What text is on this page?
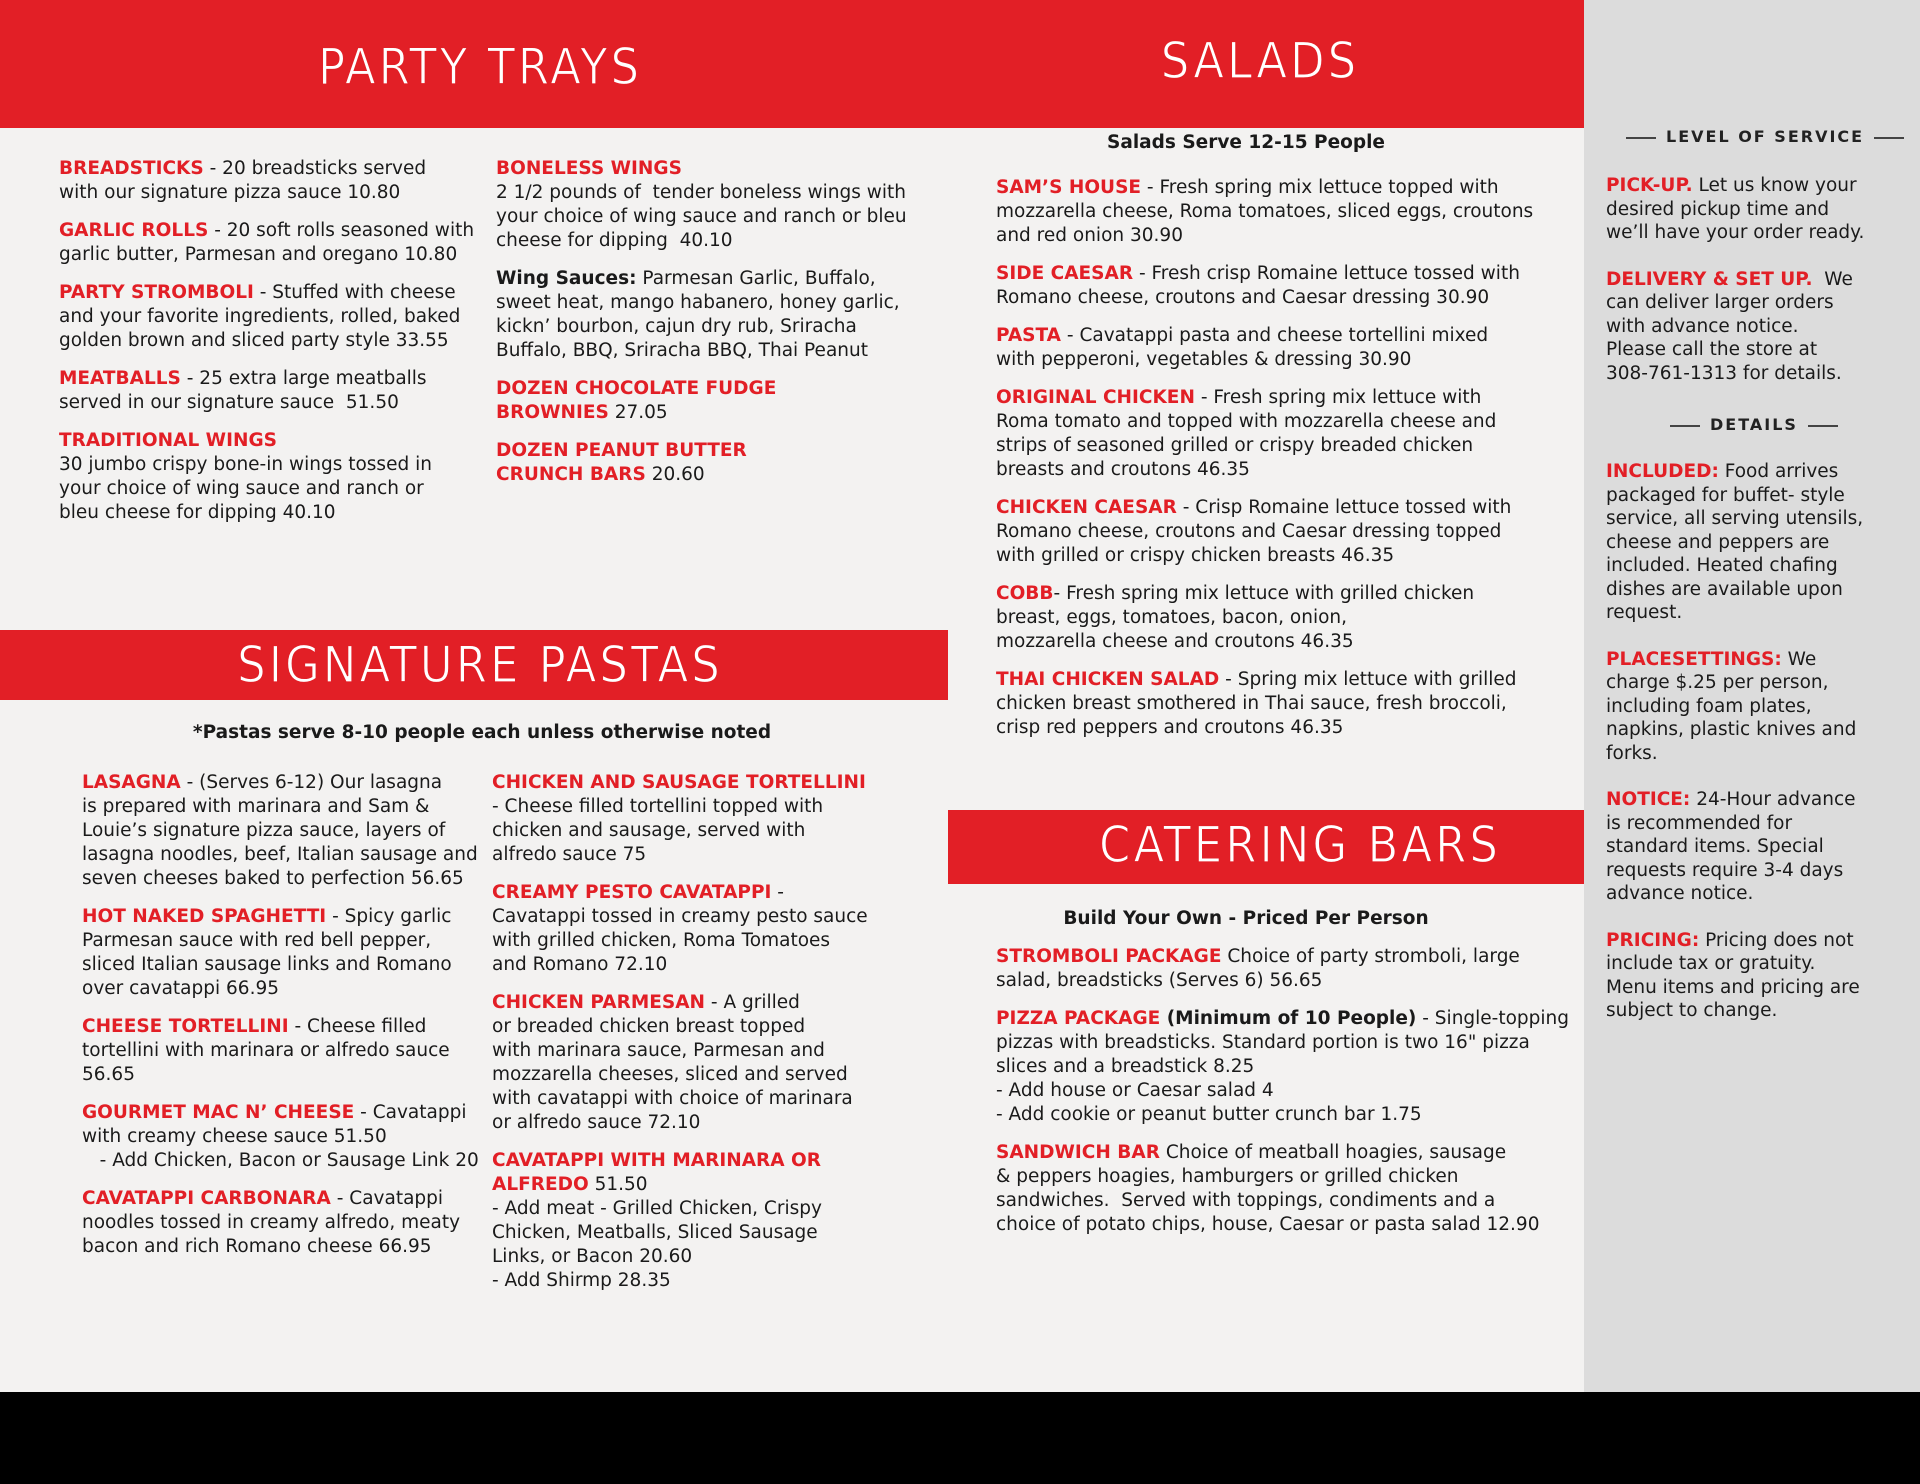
PARTY TRAYS	SALADS
LEVEL OF SERVICE
PICK-UP. Let us know your
desired pickup time and
we’ll have your order ready.
DELIVERY & SET UP.  We
can deliver larger orders
with advance notice.
Please call the store at
308-761-1313 for details.
DETAILS
INCLUDED: Food arrives
packaged for buffet- style
service, all serving utensils,
cheese and peppers are
included. Heated chafing
dishes are available upon
request.
PLACESETTINGS: We
charge $.25 per person,
including foam plates,
napkins, plastic knives and
forks.
NOTICE: 24-Hour advance
is recommended for
standard items. Special
requests require 3-4 days
advance notice.
PRICING: Pricing does not
include tax or gratuity.
Menu items and pricing are
subject to change.
BREADSTICKS - 20 breadsticks served
with our signature pizza sauce 10.80
GARLIC ROLLS - 20 soft rolls seasoned with
garlic butter, Parmesan and oregano 10.80
PARTY STROMBOLI - Stuffed with cheese
and your favorite ingredients, rolled, baked
golden brown and sliced party style 33.55
MEATBALLS - 25 extra large meatballs
served in our signature sauce  51.50
TRADITIONAL WINGS
30 jumbo crispy bone-in wings tossed in
your choice of wing sauce and ranch or
bleu cheese for dipping 40.10
BONELESS WINGS
2 1/2 pounds of  tender boneless wings with
your choice of wing sauce and ranch or bleu
cheese for dipping  40.10
Wing Sauces: Parmesan Garlic, Buffalo,
sweet heat, mango habanero, honey garlic,
kickn’ bourbon, cajun dry rub, Sriracha
Buffalo, BBQ, Sriracha BBQ, Thai Peanut
DOZEN CHOCOLATE FUDGE
BROWNIES 27.05
DOZEN PEANUT BUTTER
CRUNCH BARS 20.60
SIGNATURE PASTAS
*Pastas serve 8-10 people each unless otherwise noted
LASAGNA - (Serves 6-12) Our lasagna
is prepared with marinara and Sam &
Louie’s signature pizza sauce, layers of
lasagna noodles, beef, Italian sausage and
seven cheeses baked to perfection 56.65
HOT NAKED SPAGHETTI - Spicy garlic
Parmesan sauce with red bell pepper,
sliced Italian sausage links and Romano
over cavatappi 66.95
CHEESE TORTELLINI - Cheese filled
tortellini with marinara or alfredo sauce
56.65
GOURMET MAC N’ CHEESE - Cavatappi
with creamy cheese sauce 51.50
- Add Chicken, Bacon or Sausage Link 20
CAVATAPPI CARBONARA - Cavatappi
noodles tossed in creamy alfredo, meaty
bacon and rich Romano cheese 66.95
CHICKEN AND SAUSAGE TORTELLINI
- Cheese filled tortellini topped with
chicken and sausage, served with
alfredo sauce 75
CREAMY PESTO CAVATAPPI -
Cavatappi tossed in creamy pesto sauce
with grilled chicken, Roma Tomatoes
and Romano 72.10
CHICKEN PARMESAN - A grilled
or breaded chicken breast topped
with marinara sauce, Parmesan and
mozzarella cheeses, sliced and served
with cavatappi with choice of marinara
or alfredo sauce 72.10
CAVATAPPI WITH MARINARA OR
ALFREDO 51.50
- Add meat - Grilled Chicken, Crispy
Chicken, Meatballs, Sliced Sausage
Links, or Bacon 20.60
- Add Shirmp 28.35
Salads Serve 12-15 People
SAM’S HOUSE - Fresh spring mix lettuce topped with
mozzarella cheese, Roma tomatoes, sliced eggs, croutons
and red onion 30.90
SIDE CAESAR - Fresh crisp Romaine lettuce tossed with
Romano cheese, croutons and Caesar dressing 30.90
PASTA - Cavatappi pasta and cheese tortellini mixed
with pepperoni, vegetables & dressing 30.90
ORIGINAL CHICKEN - Fresh spring mix lettuce with
Roma tomato and topped with mozzarella cheese and
strips of seasoned grilled or crispy breaded chicken
breasts and croutons 46.35
CHICKEN CAESAR - Crisp Romaine lettuce tossed with
Romano cheese, croutons and Caesar dressing topped
with grilled or crispy chicken breasts 46.35
COBB- Fresh spring mix lettuce with grilled chicken
breast, eggs, tomatoes, bacon, onion,
mozzarella cheese and croutons 46.35
THAI CHICKEN SALAD - Spring mix lettuce with grilled
chicken breast smothered in Thai sauce, fresh broccoli,
crisp red peppers and croutons 46.35
CATERING BARS
Build Your Own - Priced Per Person
STROMBOLI PACKAGE Choice of party stromboli, large
salad, breadsticks (Serves 6) 56.65
PIZZA PACKAGE (Minimum of 10 People) - Single-topping
pizzas with breadsticks. Standard portion is two 16" pizza
slices and a breadstick 8.25
- Add house or Caesar salad 4
- Add cookie or peanut butter crunch bar 1.75
SANDWICH BAR Choice of meatball hoagies, sausage
& peppers hoagies, hamburgers or grilled chicken
sandwiches.  Served with toppings, condiments and a
choice of potato chips, house, Caesar or pasta salad 12.90
